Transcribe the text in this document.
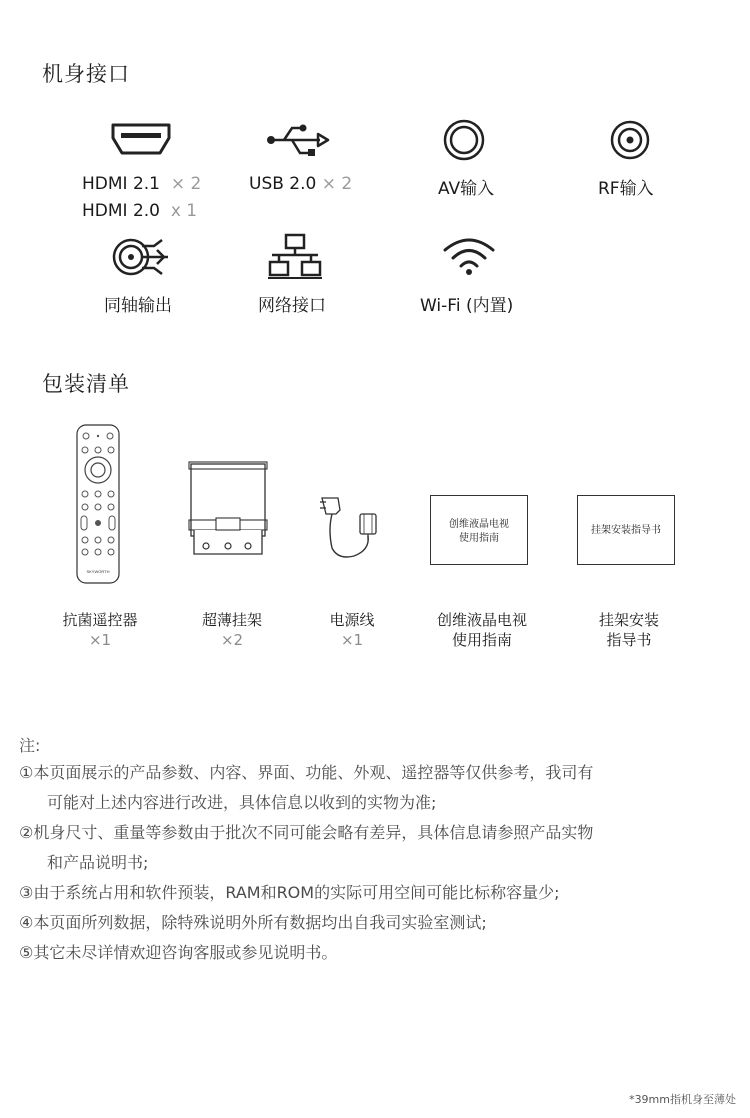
机身接口
HDMI 2.1 × 2
HDMI 2.0 x 1
USB 2.0 × 2	AV输入	RF输入
同轴输出	网络接口	Wi-Fi (内置)
包装清单
SKYWORTH
创维液晶电视
使用指南
挂架安装指导书
抗菌遥控器
×1
超薄挂架
×2
电源线
×1
创维液晶电视
使用指南
挂架安装
指导书
注:
①本页面展示的产品参数、内容、界面、功能、外观、遥控器等仅供参考，我司有
可能对上述内容进行改进，具体信息以收到的实物为准;
②机身尺寸、重量等参数由于批次不同可能会略有差异，具体信息请参照产品实物
和产品说明书;
③由于系统占用和软件预装，RAM和ROM的实际可用空间可能比标称容量少;
④本页面所列数据，除特殊说明外所有数据均出自我司实验室测试;
⑤其它未尽详情欢迎咨询客服或参见说明书。
*39mm指机身至薄处
